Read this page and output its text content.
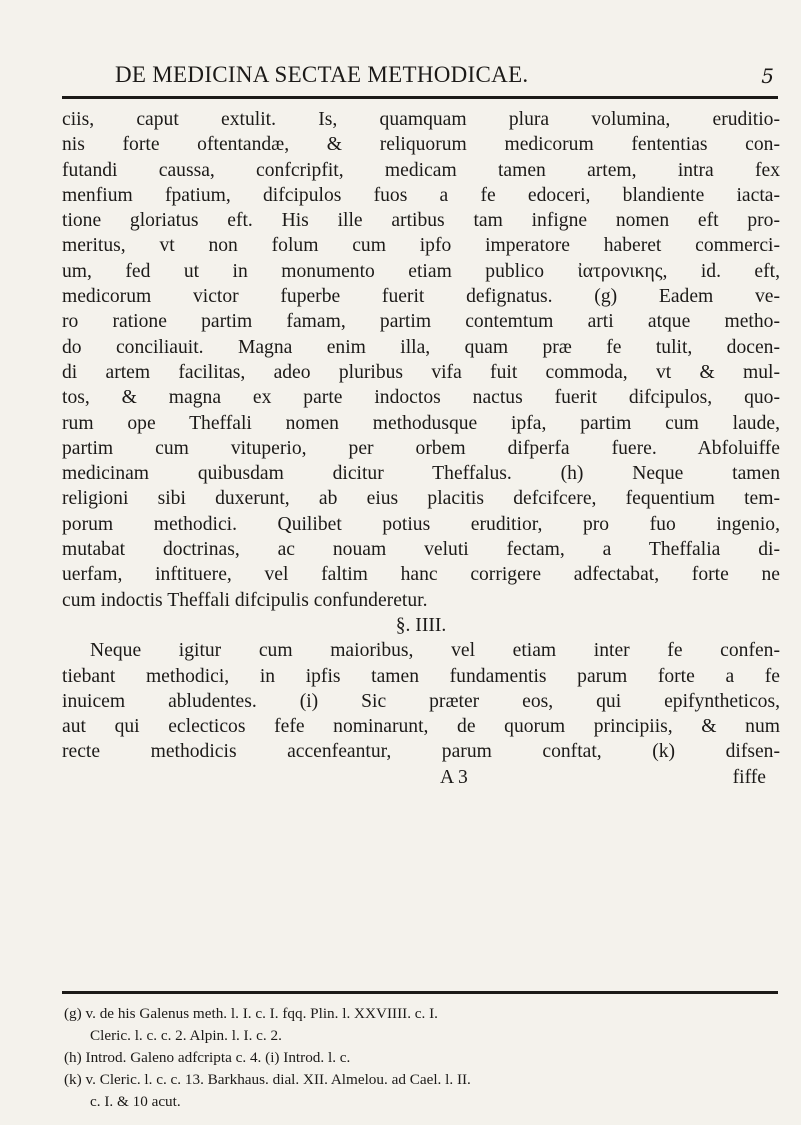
DE MEDICINA SECTAE METHODICAE.	5
ciis, caput extulit. Is, quamquam plura volumina, eruditio-
nis forte oftentandæ, & reliquorum medicorum fententias con-
futandi caussa, confcripfit, medicam tamen artem, intra fex
menfium fpatium, difcipulos fuos a fe edoceri, blandiente iacta-
tione gloriatus eft. His ille artibus tam infigne nomen eft pro-
meritus, vt non folum cum ipfo imperatore haberet commerci-
um, fed ut in monumento etiam publico ἰατρονικης, id. eft,
medicorum victor fuperbe fuerit defignatus. (g) Eadem ve-
ro ratione partim famam, partim contemtum arti atque metho-
do conciliauit. Magna enim illa, quam præ fe tulit, docen-
di artem facilitas, adeo pluribus vifa fuit commoda, vt & mul-
tos, & magna ex parte indoctos nactus fuerit difcipulos, quo-
rum ope Theffali nomen methodusque ipfa, partim cum laude,
partim cum vituperio, per orbem difperfa fuere. Abfoluiffe
medicinam quibusdam dicitur Theffalus. (h) Neque tamen
religioni sibi duxerunt, ab eius placitis defcifcere, fequentium tem-
porum methodici. Quilibet potius eruditior, pro fuo ingenio,
mutabat doctrinas, ac nouam veluti fectam, a Theffalia di-
uerfam, inftituere, vel faltim hanc corrigere adfectabat, forte ne
cum indoctis Theffali difcipulis confunderetur.
§. IIII.
Neque igitur cum maioribus, vel etiam inter fe confen-
tiebant methodici, in ipfis tamen fundamentis parum forte a fe
inuicem abludentes. (i) Sic præter eos, qui epifyntheticos,
aut qui eclecticos fefe nominarunt, de quorum principiis, & num
recte methodicis accenfeantur, parum conftat, (k) difsen-
A 3	fiffe
(g) v. de his Galenus meth. l. I. c. I. fqq. Plin. l. XXVIIII. c. I.
Cleric. l. c. c. 2. Alpin. l. I. c. 2.
(h) Introd. Galeno adfcripta c. 4. (i) Introd. l. c.
(k) v. Cleric. l. c. c. 13. Barkhaus. dial. XII. Almelou. ad Cael. l. II.
c. I. & 10 acut.
